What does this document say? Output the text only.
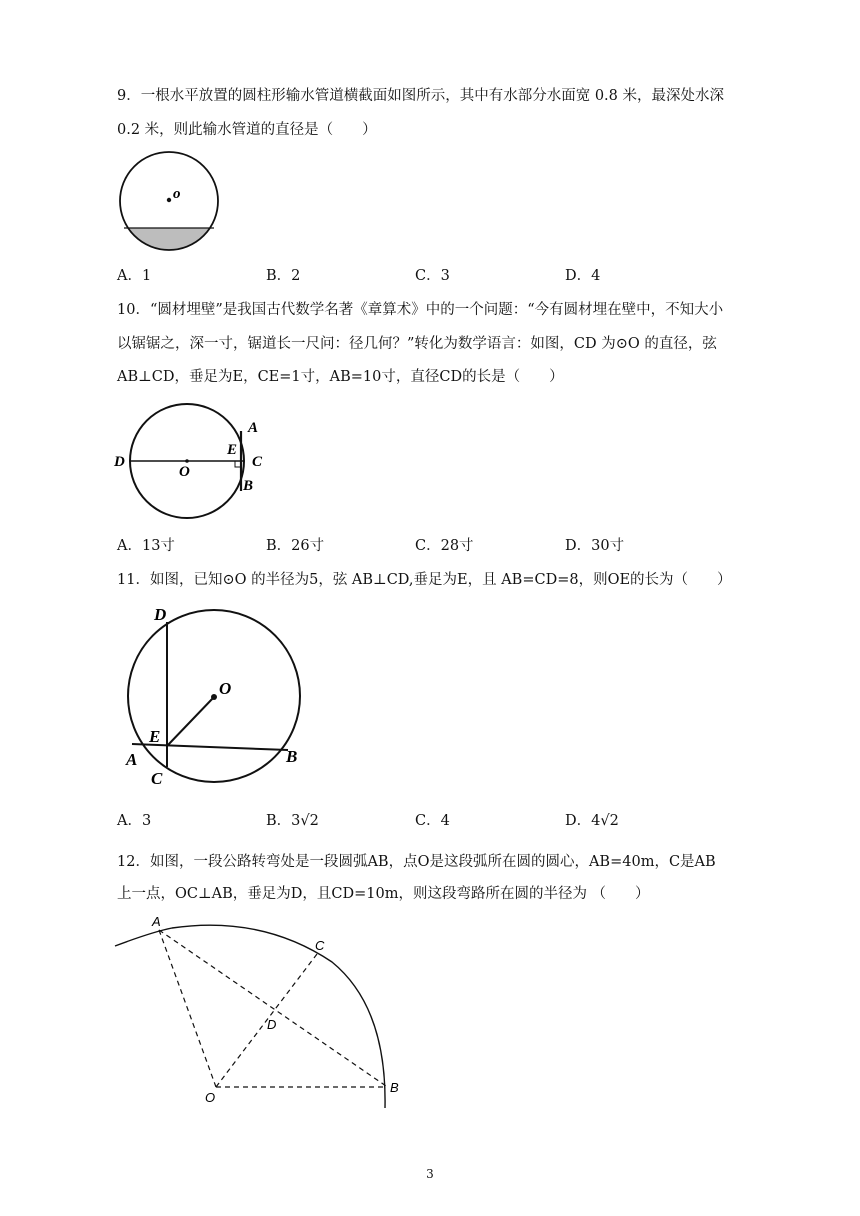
9．一根水平放置的圆柱形输水管道横截面如图所示，其中有水部分水面宽 0.8 米，最深处水深
0.2 米，则此输水管道的直径是（　　）
o
A．1	B．2	C．3	D．4
10．“圆材埋壁”是我国古代数学名著《章算术》中的一个问题：“今有圆材埋在壁中，不知大小
以锯锯之，深一寸，锯道长一尺问：径几何？”转化为数学语言：如图，CD 为⊙O 的直径，弦
AB⊥CD，垂足为E，CE=1寸，AB=10寸，直径CD的长是（　　）
D
O
E
A
C
B
A．13寸	B．26寸	C．28寸	D．30寸
11．如图，已知⊙O 的半径为5，弦 AB⊥CD,垂足为E，且 AB=CD=8，则OE的长为（　　）
D
O
E
A
C
B
A．3	B．3√2	C．4	D．4√2
12．如图，一段公路转弯处是一段圆弧AB，点O是这段弧所在圆的圆心，AB=40m，C是AB
上一点，OC⊥AB，垂足为D，且CD=10m，则这段弯路所在圆的半径为 （　　）
A
C
D
O
B
3
